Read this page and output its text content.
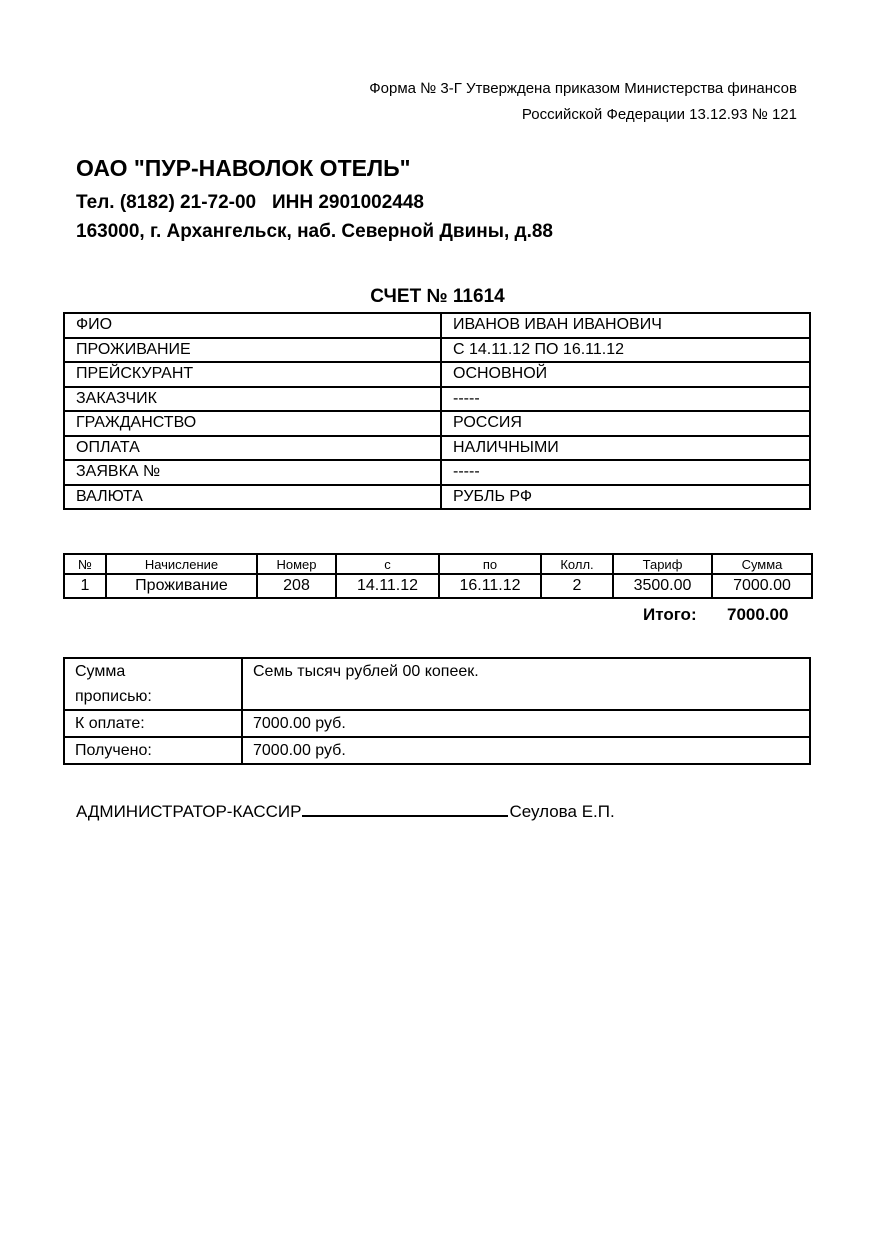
Форма № 3-Г Утверждена приказом Министерства финансов
Российской Федерации 13.12.93 № 121
ОАО "ПУР-НАВОЛОК ОТЕЛЬ"
Тел. (8182) 21-72-00   ИНН 2901002448
163000, г. Архангельск, наб. Северной Двины, д.88
СЧЕТ № 11614
ФИО	ИВАНОВ ИВАН ИВАНОВИЧ
ПРОЖИВАНИЕ	С 14.11.12 ПО 16.11.12
ПРЕЙСКУРАНТ	ОСНОВНОЙ
ЗАКАЗЧИК	-----
ГРАЖДАНСТВО	РОССИЯ
ОПЛАТА	НАЛИЧНЫМИ
ЗАЯВКА №	-----
ВАЛЮТА	РУБЛЬ РФ
№	Начисление	Номер	с	по	Колл.	Тариф	Сумма
1	Проживание	208	14.11.12	16.11.12	2	3500.00	7000.00
Итого: 7000.00
Сумма
прописью:	Семь тысяч рублей 00 копеек.
К оплате:	7000.00 руб.
Получено:	7000.00 руб.
АДМИНИСТРАТОР-КАССИР	Сеулова Е.П.
